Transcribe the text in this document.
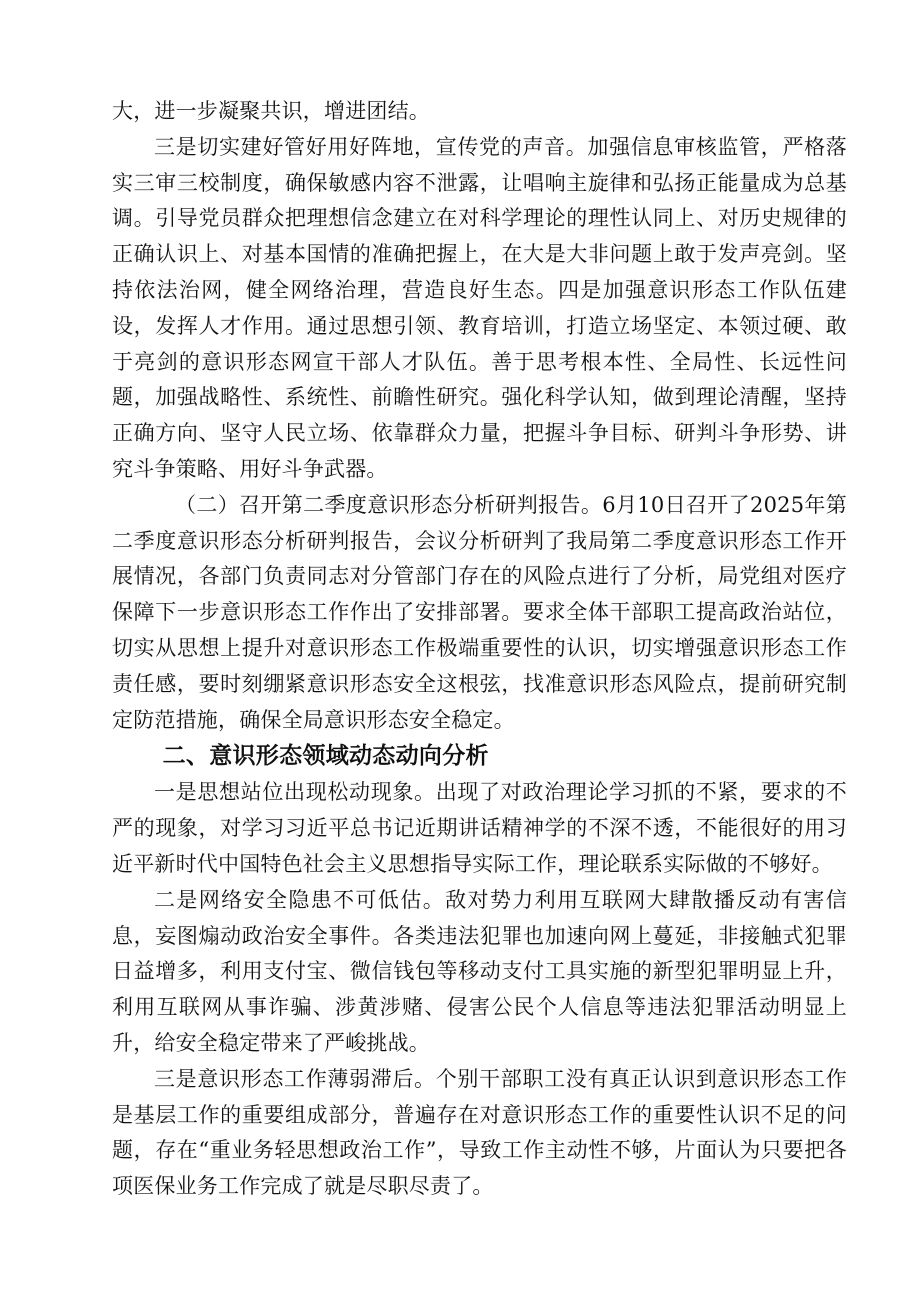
大，进一步凝聚共识，增进团结。

三是切实建好管好用好阵地，宣传党的声音。加强信息审核监管，严格落实三审三校制度，确保敏感内容不泄露，让唱响主旋律和弘扬正能量成为总基调。引导党员群众把理想信念建立在对科学理论的理性认同上、对历史规律的正确认识上、对基本国情的准确把握上，在大是大非问题上敢于发声亮剑。坚持依法治网，健全网络治理，营造良好生态。四是加强意识形态工作队伍建设，发挥人才作用。通过思想引领、教育培训，打造立场坚定、本领过硬、敢于亮剑的意识形态网宣干部人才队伍。善于思考根本性、全局性、长远性问题，加强战略性、系统性、前瞻性研究。强化科学认知，做到理论清醒，坚持正确方向、坚守人民立场、依靠群众力量，把握斗争目标、研判斗争形势、讲究斗争策略、用好斗争武器。

（二）召开第二季度意识形态分析研判报告。6月10日召开了2025年第二季度意识形态分析研判报告，会议分析研判了我局第二季度意识形态工作开展情况，各部门负责同志对分管部门存在的风险点进行了分析，局党组对医疗保障下一步意识形态工作作出了安排部署。要求全体干部职工提高政治站位，切实从思想上提升对意识形态工作极端重要性的认识，切实增强意识形态工作责任感，要时刻绷紧意识形态安全这根弦，找准意识形态风险点，提前研究制定防范措施，确保全局意识形态安全稳定。

二、意识形态领域动态动向分析

一是思想站位出现松动现象。出现了对政治理论学习抓的不紧，要求的不严的现象，对学习习近平总书记近期讲话精神学的不深不透，不能很好的用习近平新时代中国特色社会主义思想指导实际工作，理论联系实际做的不够好。

二是网络安全隐患不可低估。敌对势力利用互联网大肆散播反动有害信息，妄图煽动政治安全事件。各类违法犯罪也加速向网上蔓延，非接触式犯罪日益增多，利用支付宝、微信钱包等移动支付工具实施的新型犯罪明显上升，利用互联网从事诈骗、涉黄涉赌、侵害公民个人信息等违法犯罪活动明显上升，给安全稳定带来了严峻挑战。

三是意识形态工作薄弱滞后。个别干部职工没有真正认识到意识形态工作是基层工作的重要组成部分，普遍存在对意识形态工作的重要性认识不足的问题，存在“重业务轻思想政治工作”，导致工作主动性不够，片面认为只要把各项医保业务工作完成了就是尽职尽责了。
